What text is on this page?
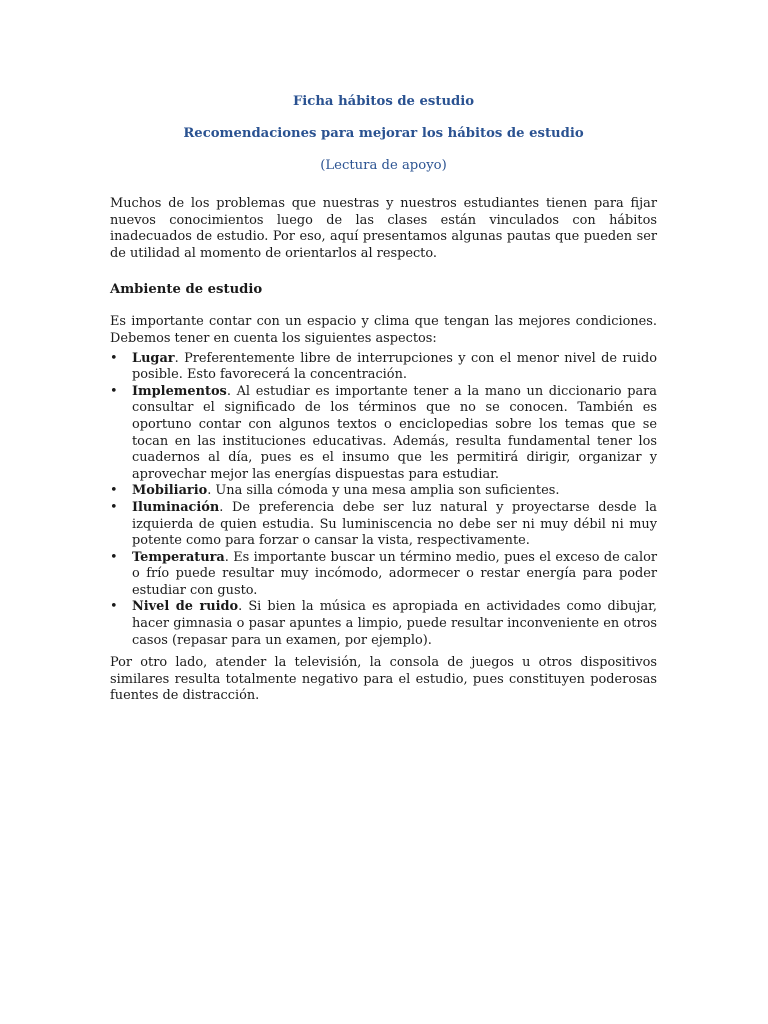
Ficha hábitos de estudio
Recomendaciones para mejorar los hábitos de estudio
(Lectura de apoyo)

Muchos de los problemas que nuestras y nuestros estudiantes tienen para fijar nuevos conocimientos luego de las clases están vinculados con hábitos inadecuados de estudio. Por eso, aquí presentamos algunas pautas que pueden ser de utilidad al momento de orientarlos al respecto.

Ambiente de estudio

Es importante contar con un espacio y clima que tengan las mejores condiciones. Debemos tener en cuenta los siguientes aspectos:

• Lugar. Preferentemente libre de interrupciones y con el menor nivel de ruido posible. Esto favorecerá la concentración.
• Implementos. Al estudiar es importante tener a la mano un diccionario para consultar el significado de los términos que no se conocen. También es oportuno contar con algunos textos o enciclopedias sobre los temas que se tocan en las instituciones educativas. Además, resulta fundamental tener los cuadernos al día, pues es el insumo que les permitirá dirigir, organizar y aprovechar mejor las energías dispuestas para estudiar.
• Mobiliario. Una silla cómoda y una mesa amplia son suficientes.
• Iluminación. De preferencia debe ser luz natural y proyectarse desde la izquierda de quien estudia. Su luminiscencia no debe ser ni muy débil ni muy potente como para forzar o cansar la vista, respectivamente.
• Temperatura. Es importante buscar un término medio, pues el exceso de calor o frío puede resultar muy incómodo, adormecer o restar energía para poder estudiar con gusto.
• Nivel de ruido. Si bien la música es apropiada en actividades como dibujar, hacer gimnasia o pasar apuntes a limpio, puede resultar inconveniente en otros casos (repasar para un examen, por ejemplo).

Por otro lado, atender la televisión, la consola de juegos u otros dispositivos similares resulta totalmente negativo para el estudio, pues constituyen poderosas fuentes de distracción.
